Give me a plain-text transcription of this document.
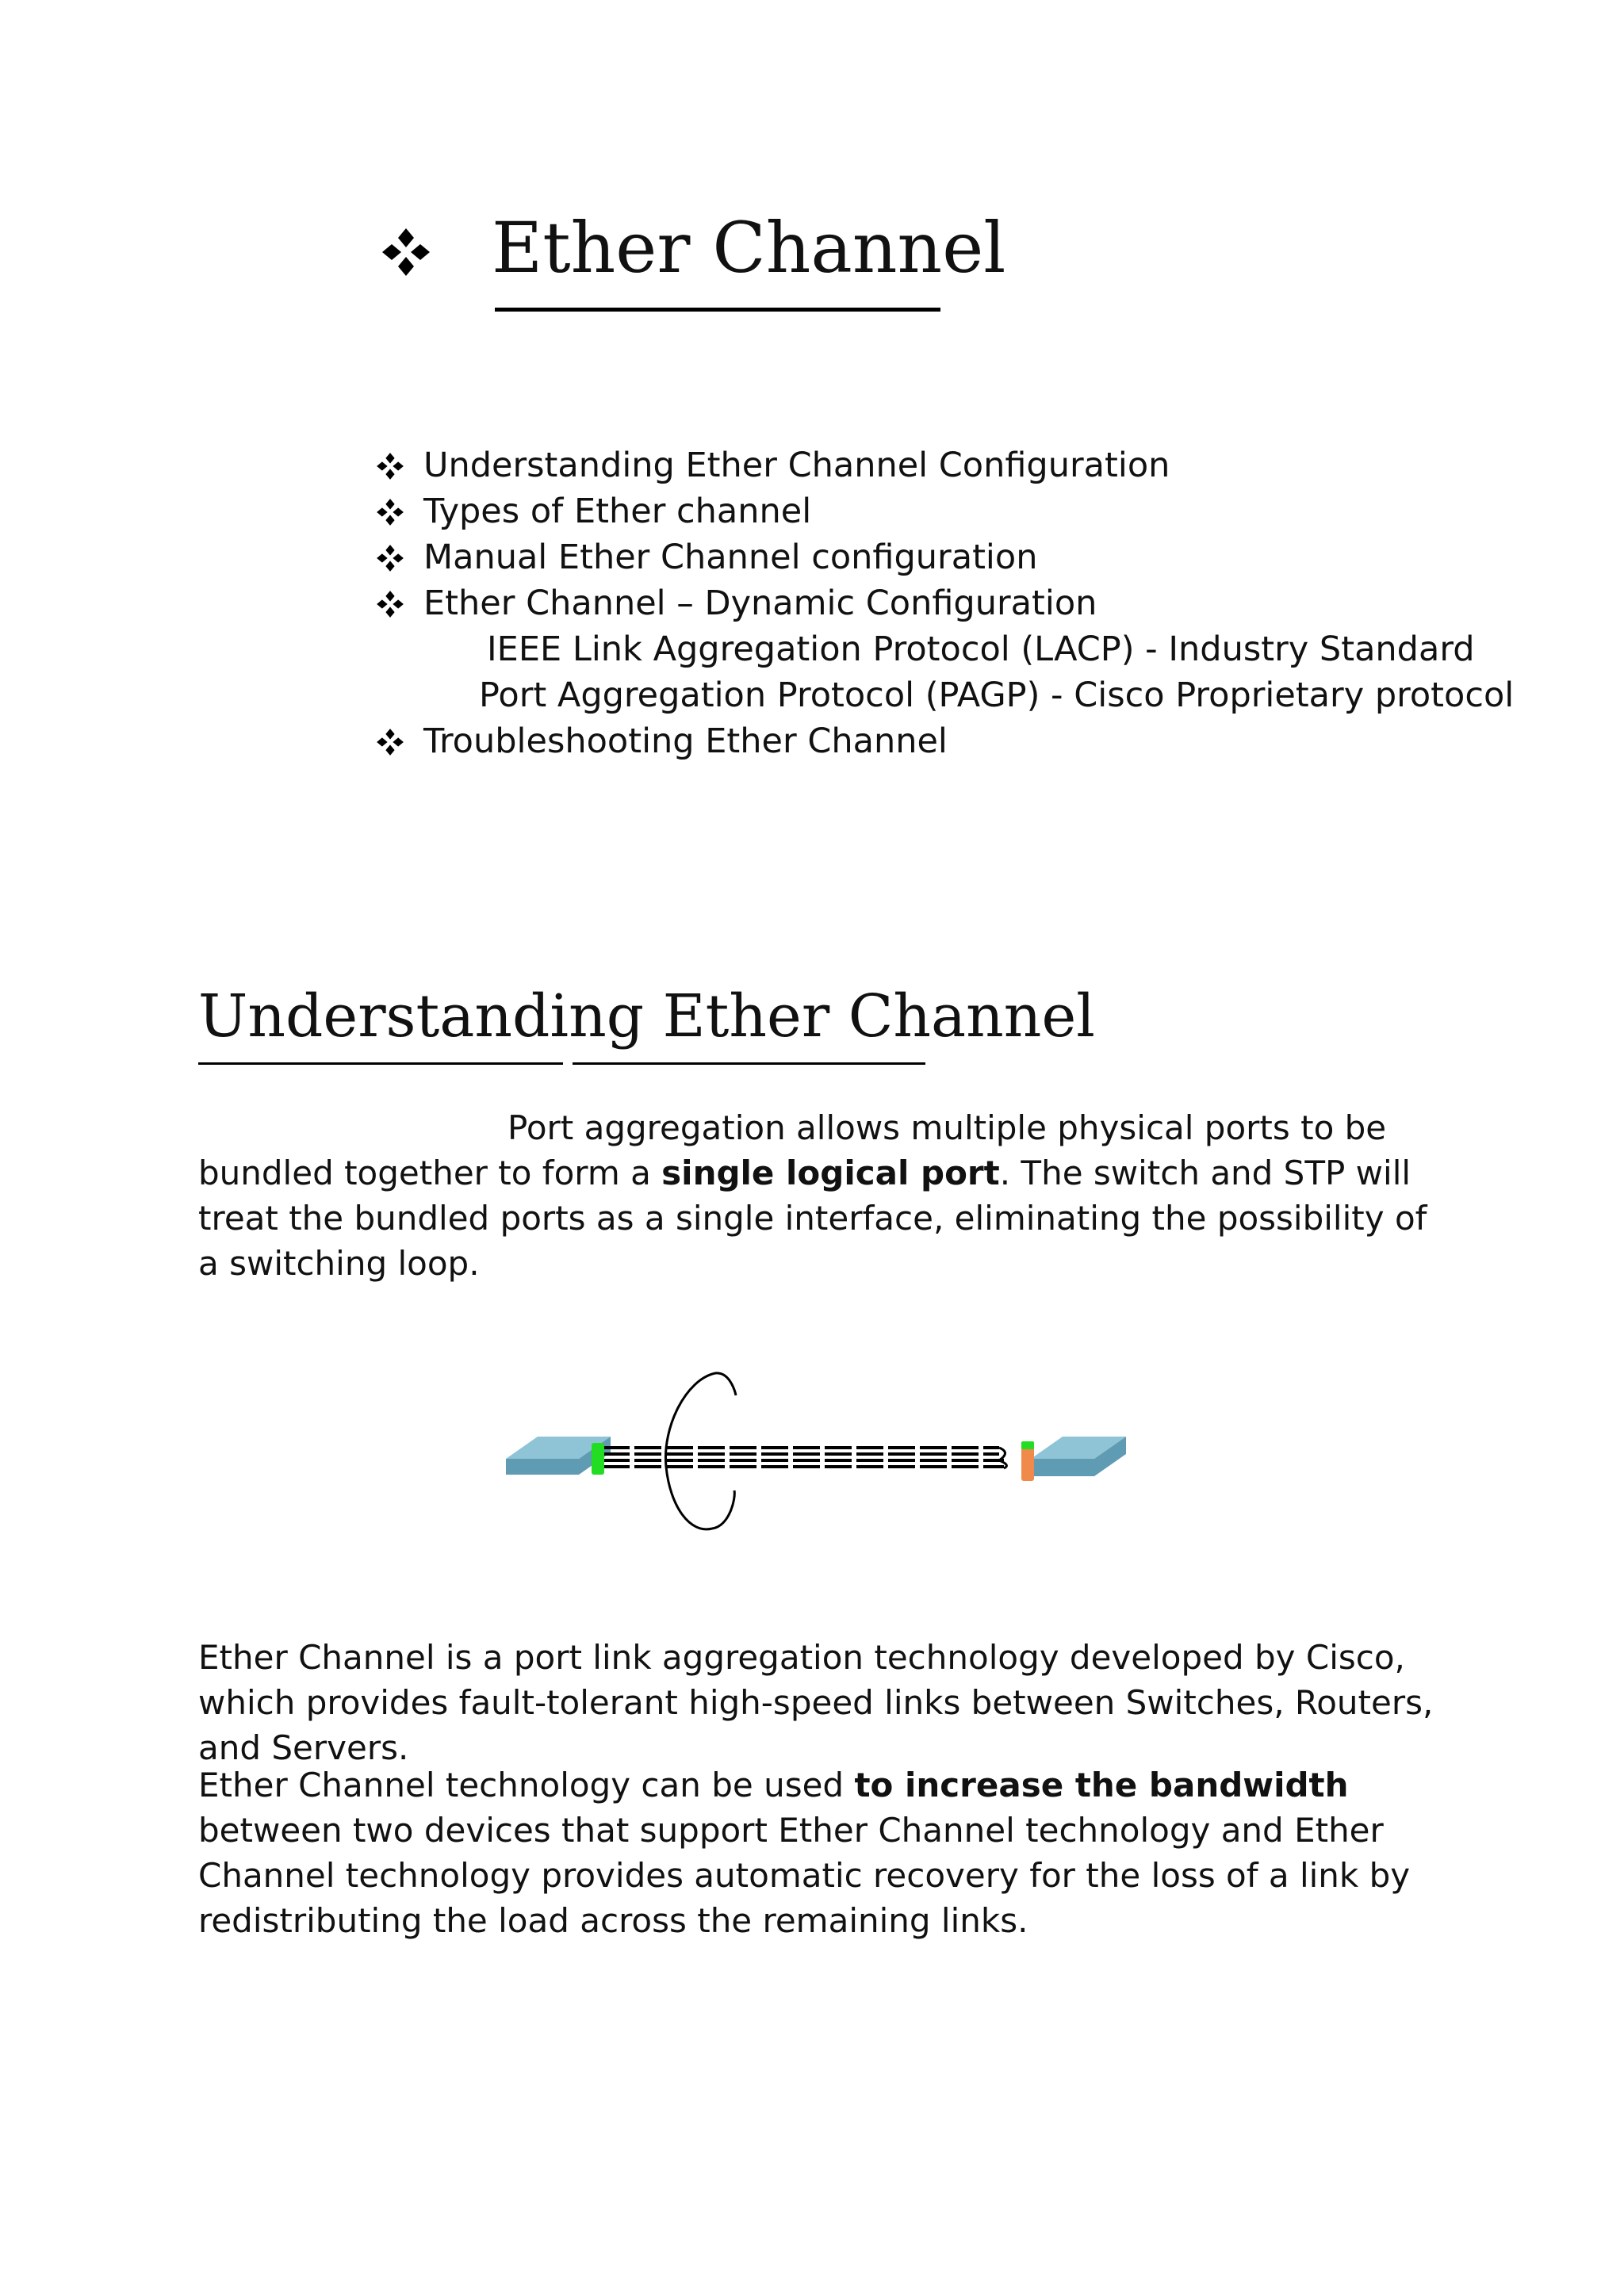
Ether Channel
Understanding Ether Channel Configuration
Types of Ether channel
Manual Ether Channel configuration
Ether Channel – Dynamic Configuration
IEEE Link Aggregation Protocol (LACP) - Industry Standard
Port Aggregation Protocol (PAGP) - Cisco Proprietary protocol
Troubleshooting Ether Channel
Understanding Ether Channel
Port aggregation allows multiple physical ports to be bundled together to form a single logical port. The switch and STP will treat the bundled ports as a single interface, eliminating the possibility of a switching loop.
Ether Channel is a port link aggregation technology developed by Cisco, which provides fault-tolerant high-speed links between Switches, Routers, and Servers.
Ether Channel technology can be used to increase the bandwidth between two devices that support Ether Channel technology and Ether Channel technology provides automatic recovery for the loss of a link by redistributing the load across the remaining links.
